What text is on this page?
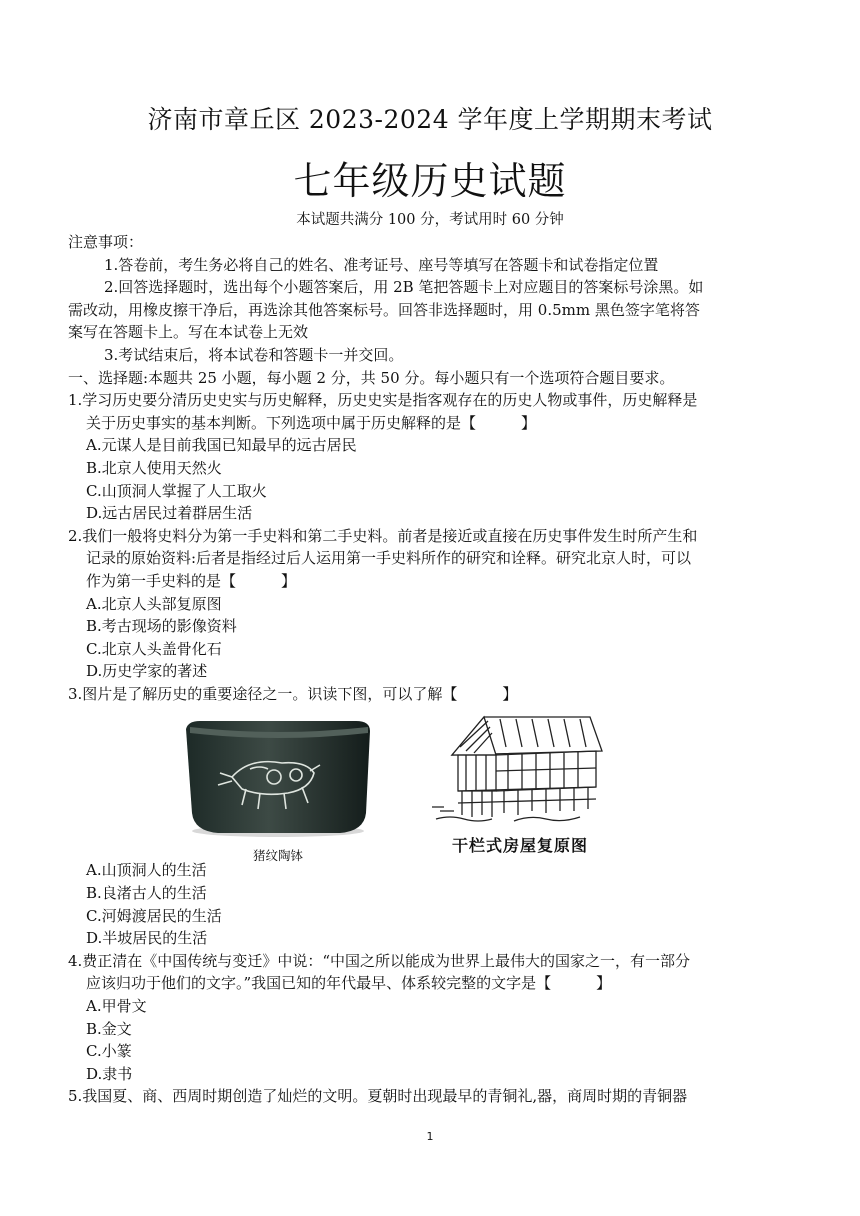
济南市章丘区 2023-2024 学年度上学期期末考试
七年级历史试题
本试题共满分 100 分，考试用时 60 分钟
注意事项：
1.答卷前，考生务必将自己的姓名、准考证号、座号等填写在答题卡和试卷指定位置
2.回答选择题时，选出每个小题答案后，用 2B 笔把答题卡上对应题目的答案标号涂黑。如
需改动，用橡皮擦干净后，再选涂其他答案标号。回答非选择题时，用 0.5mm 黑色签字笔将答
案写在答题卡上。写在本试卷上无效
3.考试结束后，将本试卷和答题卡一并交回。
一、选择题:本题共 25 小题，每小题 2 分，共 50 分。每小题只有一个选项符合题目要求。
1.学习历史要分清历史史实与历史解释，历史史实是指客观存在的历史人物或事件，历史解释是
关于历史事实的基本判断。下列选项中属于历史解释的是【　　　】
A.元谋人是目前我国已知最早的远古居民
B.北京人使用天然火
C.山顶洞人掌握了人工取火
D.远古居民过着群居生活
2.我们一般将史料分为第一手史料和第二手史料。前者是接近或直接在历史事件发生时所产生和
记录的原始资料:后者是指经过后人运用第一手史料所作的研究和诠释。研究北京人时，可以
作为第一手史料的是【　　　】
A.北京人头部复原图
B.考古现场的影像资料
C.北京人头盖骨化石
D.历史学家的著述
3.图片是了解历史的重要途径之一。识读下图，可以了解【　　　】
猪纹陶钵
干栏式房屋复原图
A.山顶洞人的生活
B.良渚古人的生活
C.河姆渡居民的生活
D.半坡居民的生活
4.费正清在《中国传统与变迁》中说：“中国之所以能成为世界上最伟大的国家之一，有一部分
应该归功于他们的文字。”我国已知的年代最早、体系较完整的文字是【　　　】
A.甲骨文
B.金文
C.小篆
D.隶书
5.我国夏、商、西周时期创造了灿烂的文明。夏朝时出现最早的青铜礼,器，商周时期的青铜器
1
